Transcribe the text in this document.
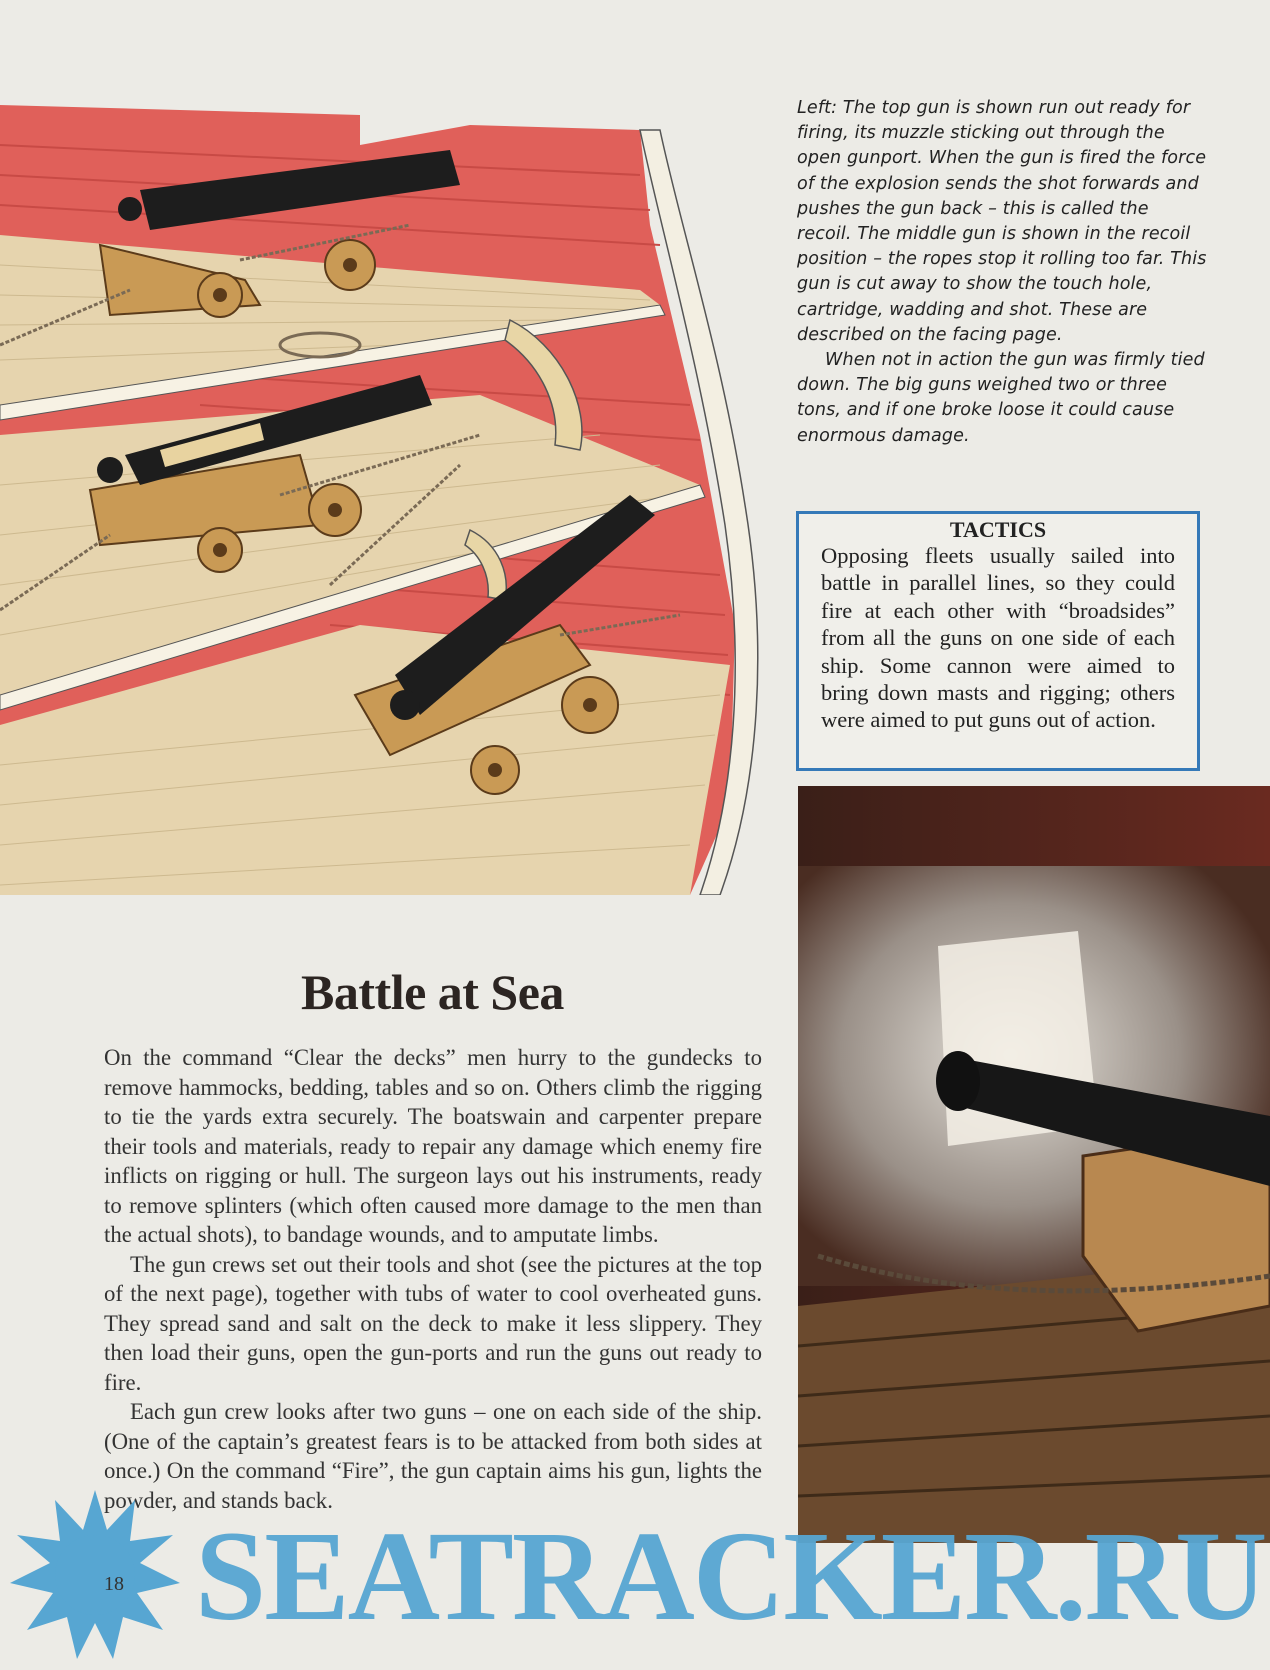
Left: The top gun is shown run out ready for firing, its muzzle sticking out through the open gunport. When the gun is fired the force of the explosion sends the shot forwards and pushes the gun back – this is called the recoil. The middle gun is shown in the recoil position – the ropes stop it rolling too far. This gun is cut away to show the touch hole, cartridge, wadding and shot. These are described on the facing page.

When not in action the gun was firmly tied down. The big guns weighed two or three tons, and if one broke loose it could cause enormous damage.

TACTICS

Opposing fleets usually sailed into battle in parallel lines, so they could fire at each other with “broadsides” from all the guns on one side of each ship. Some cannon were aimed to bring down masts and rigging; others were aimed to put guns out of action.

Battle at Sea

On the command “Clear the decks” men hurry to the gundecks to remove hammocks, bedding, tables and so on. Others climb the rigging to tie the yards extra securely. The boatswain and carpenter prepare their tools and materials, ready to repair any damage which enemy fire inflicts on rigging or hull. The surgeon lays out his instruments, ready to remove splinters (which often caused more damage to the men than the actual shots), to bandage wounds, and to amputate limbs.

The gun crews set out their tools and shot (see the pictures at the top of the next page), together with tubs of water to cool overheated guns. They spread sand and salt on the deck to make it less slippery. They then load their guns, open the gun-ports and run the guns out ready to fire.

Each gun crew looks after two guns – one on each side of the ship. (One of the captain’s greatest fears is to be attacked from both sides at once.) On the command “Fire”, the gun captain aims his gun, lights the powder, and stands back.

SEATRACKER.RU
18
